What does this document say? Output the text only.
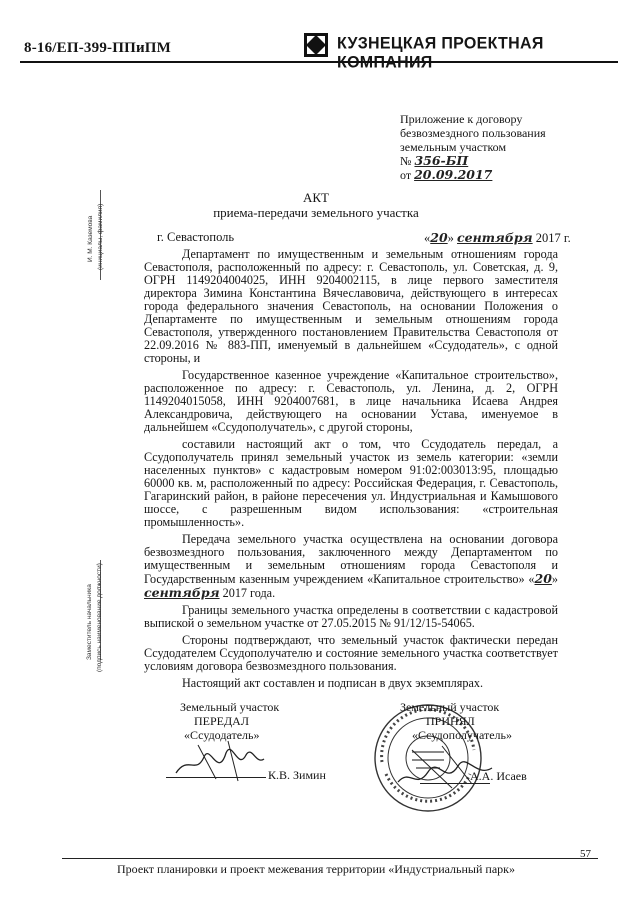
8-16/ЕП-399-ППиПМ	КУЗНЕЦКАЯ ПРОЕКТНАЯ КОМПАНИЯ
И. М. Каземова (инициалы, фамилия)
Заместитель начальника (подпись наименование должности)
Приложение к договору
безвозмездного пользования
земельным участком
№ 356-БП
от 20.09.2017
АКТ
приема-передачи земельного участка
г. Севастополь	«20» сентября 2017 г.

Департамент по имущественным и земельным отношениям города Севастополя, расположенный по адресу: г. Севастополь, ул. Советская, д. 9, ОГРН 1149204004025, ИНН 9204002115, в лице первого заместителя директора Зимина Константина Вячеславовича, действующего в интересах города федерального значения Севастополь, на основании Положения о Департаменте по имущественным и земельным отношениям города Севастополя, утвержденного постановлением Правительства Севастополя от 22.09.2016 № 883-ПП, именуемый в дальнейшем «Ссудодатель», с одной стороны, и

Государственное казенное учреждение «Капитальное строительство», расположенное по адресу: г. Севастополь, ул. Ленина, д. 2, ОГРН 1149204015058, ИНН 9204007681, в лице начальника Исаева Андрея Александровича, действующего на основании Устава, именуемое в дальнейшем «Ссудополучатель», с другой стороны,

составили настоящий акт о том, что Ссудодатель передал, а Ссудополучатель принял земельный участок из земель категории: «земли населенных пунктов» с кадастровым номером 91:02:003013:95, площадью 60000 кв. м, расположенный по адресу: Российская Федерация, г. Севастополь, Гагаринский район, в районе пересечения ул. Индустриальная и Камышового шоссе, с разрешенным видом использования: «строительная промышленность».

Передача земельного участка осуществлена на основании договора безвозмездного пользования, заключенного между Департаментом по имущественным и земельным отношениям города Севастополя и Государственным казенным учреждением «Капитальное строительство» «20» сентября 2017 года.

Границы земельного участка определены в соответствии с кадастровой выпиской о земельном участке от 27.05.2015 № 91/12/15-54065.

Стороны подтверждают, что земельный участок фактически передан Ссудодателем Ссудополучателю и состояние земельного участка соответствует условиям договора безвозмездного пользования.

Настоящий акт составлен и подписан в двух экземплярах.

Земельный участок
ПЕРЕДАЛ
«Ссудодатель»
К.В. Зимин
Земельный участок
ПРИНЯЛ
«Ссудополучатель»
А.А. Исаев
57
Проект планировки и проект межевания территории «Индустриальный парк»
